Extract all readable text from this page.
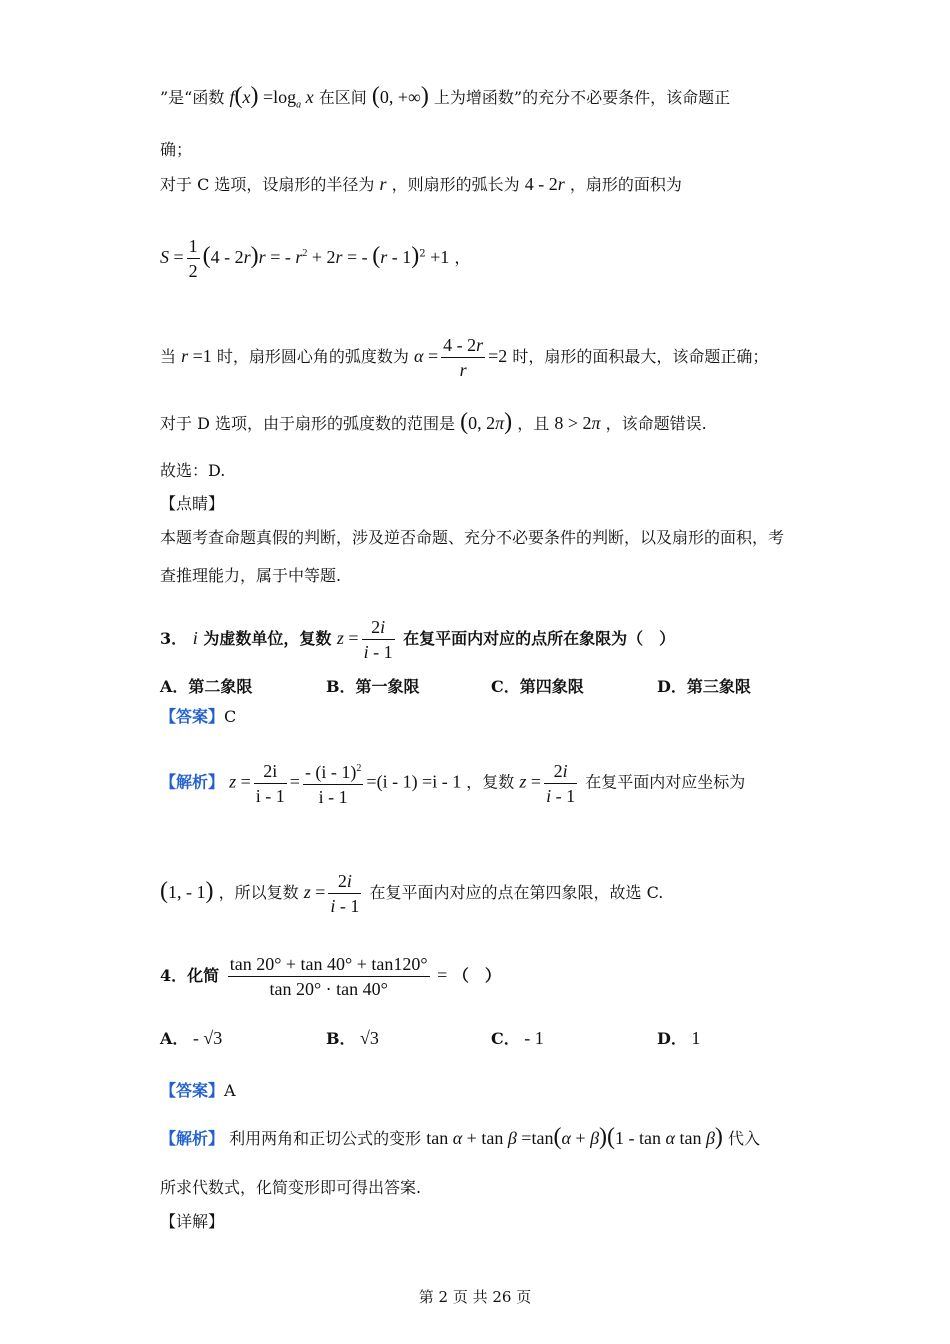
”是“函数 $f(x) =\log_a$ x 在区间 (0, +∞) 上为增函数”的充分不必要条件，该命题正
确；
对于 C 选项，设扇形的半径为 r ，则扇形的弧长为 4 - 2r ，扇形的面积为
$S = \frac{1}{2} (4 - 2r)r$ = - $r^2 + 2r$ = - (r - 1)$^2$ +1 ，
当 r =1 时，扇形圆心角的弧度数为 $\alpha = \frac{4 - 2r}{r} =2$ 时，扇形的面积最大，该命题正确；
对于 D 选项，由于扇形的弧度数的范围是 (0, 2π) ，且 8 > 2π ，该命题错误.
故选：D.
【点睛】
本题考查命题真假的判断，涉及逆否命题、充分不必要条件的判断，以及扇形的面积，考
查推理能力，属于中等题.
3． i 为虚数单位，复数 $z = \frac{2i}{i - 1}$ 在复平面内对应的点所在象限为（　）
A．第二象限	B．第一象限	C．第四象限	D．第三象限
【答案】C
【解析】 $z = \frac{2i}{i - 1} = \frac{- (i - 1)^2}{i - 1} =(i - 1) =i - 1$ ，复数 $z = \frac{2i}{i - 1}$ 在复平面内对应坐标为
(1, - 1) ，所以复数 $z = \frac{2i}{i - 1}$ 在复平面内对应的点在第四象限，故选 C.
4．化简 $\frac{\tan 20^\circ + \tan 40^\circ + \tan 120^\circ}{\tan 20^\circ \cdot \tan 40^\circ}$ = （　）
A． - √3	B． √3	C． - 1	D． 1
【答案】A
【解析】 利用两角和正切公式的变形 tan α + tan β =tan(α + β)(1 - tan α tan β) 代入
所求代数式，化简变形即可得出答案.
【详解】
第 2 页 共 26 页
